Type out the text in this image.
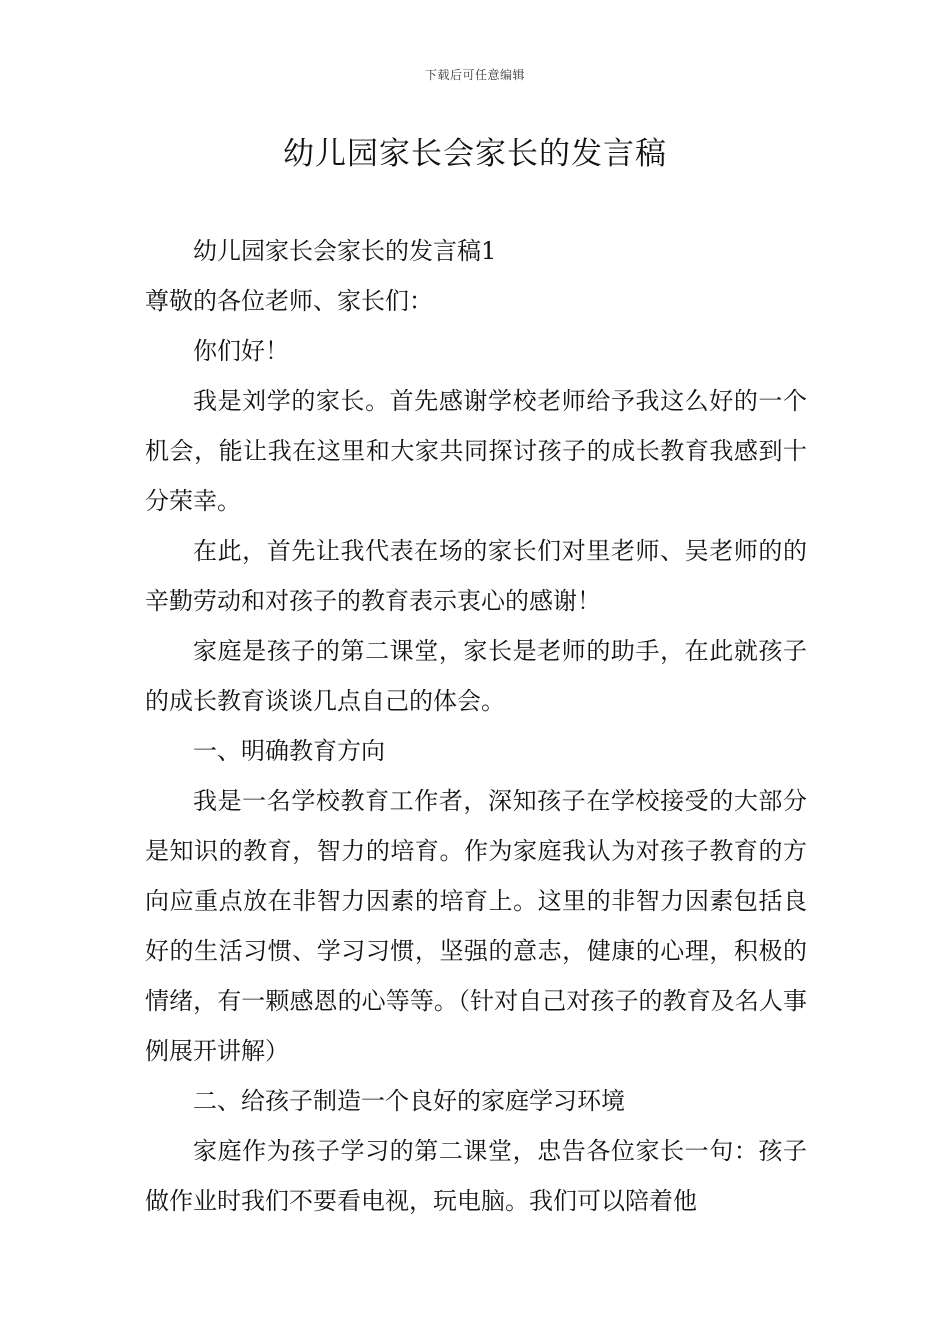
下载后可任意编辑
幼儿园家长会家长的发言稿

幼儿园家长会家长的发言稿1

尊敬的各位老师、家长们：

你们好！

我是刘学的家长。首先感谢学校老师给予我这么好的一个机会，能让我在这里和大家共同探讨孩子的成长教育我感到十分荣幸。

在此，首先让我代表在场的家长们对里老师、吴老师的的辛勤劳动和对孩子的教育表示衷心的感谢！

家庭是孩子的第二课堂，家长是老师的助手，在此就孩子的成长教育谈谈几点自己的体会。

一、明确教育方向

我是一名学校教育工作者，深知孩子在学校接受的大部分是知识的教育，智力的培育。作为家庭我认为对孩子教育的方向应重点放在非智力因素的培育上。这里的非智力因素包括良好的生活习惯、学习习惯，坚强的意志，健康的心理，积极的情绪，有一颗感恩的心等等。（针对自己对孩子的教育及名人事例展开讲解）

二、给孩子制造一个良好的家庭学习环境

家庭作为孩子学习的第二课堂，忠告各位家长一句：孩子做作业时我们不要看电视，玩电脑。我们可以陪着他
